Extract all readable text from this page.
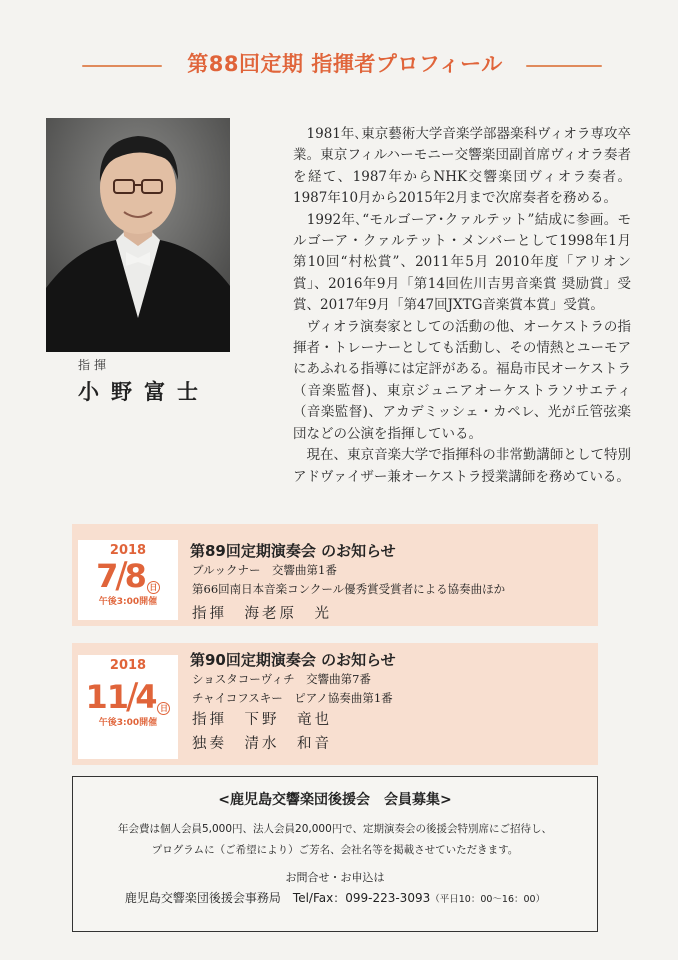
第88回定期 指揮者プロフィール
指揮
小野富士

　1981年､東京藝術大学音楽学部器楽科ヴィオラ専攻卒業。東京フィルハーモニー交響楽団副首席ヴィオラ奏者を経て、1987年からNHK交響楽団ヴィオラ奏者。1987年10月から2015年2月まで次席奏者を務める。

　1992年､“モルゴーア･クァルテット”結成に参画。モルゴーア・クァルテット・メンバーとして1998年1月第10回“村松賞”、2011年5月 2010年度「アリオン賞」、2016年9月「第14回佐川吉男音楽賞 奨励賞」受賞、2017年9月「第47回JXTG音楽賞本賞」受賞。

　ヴィオラ演奏家としての活動の他、オーケストラの指揮者・トレーナーとしても活動し、その情熱とユーモアにあふれる指導には定評がある。福島市民オーケストラ（音楽監督)、東京ジュニアオーケストラソサエティ（音楽監督)、アカデミッシェ・カペレ、光が丘管弦楽団などの公演を指揮している。

　現在、東京音楽大学で指揮科の非常勤講師として特別アドヴァイザー兼オーケストラ授業講師を務めている。

2018
7/8 日
午後3:00開催
第89回定期演奏会 のお知らせ
ブルックナー　交響曲第1番
第66回南日本音楽コンクール優秀賞受賞者による協奏曲ほか
指揮　海老原　光
2018
11/4 日
午後3:00開催
第90回定期演奏会 のお知らせ
ショスタコーヴィチ　交響曲第7番
チャイコフスキー　ピアノ協奏曲第1番
指揮　下野　竜也
独奏　清水　和音
<鹿児島交響楽団後援会　会員募集>
年会費は個人会員5,000円、法人会員20,000円で、定期演奏会の後援会特別席にご招待し、
プログラムに（ご希望により）ご芳名、会社名等を掲載させていただきます。
お問合せ・お申込は
鹿児島交響楽団後援会事務局　Tel/Fax：099-223-3093（平日10：00〜16：00）
